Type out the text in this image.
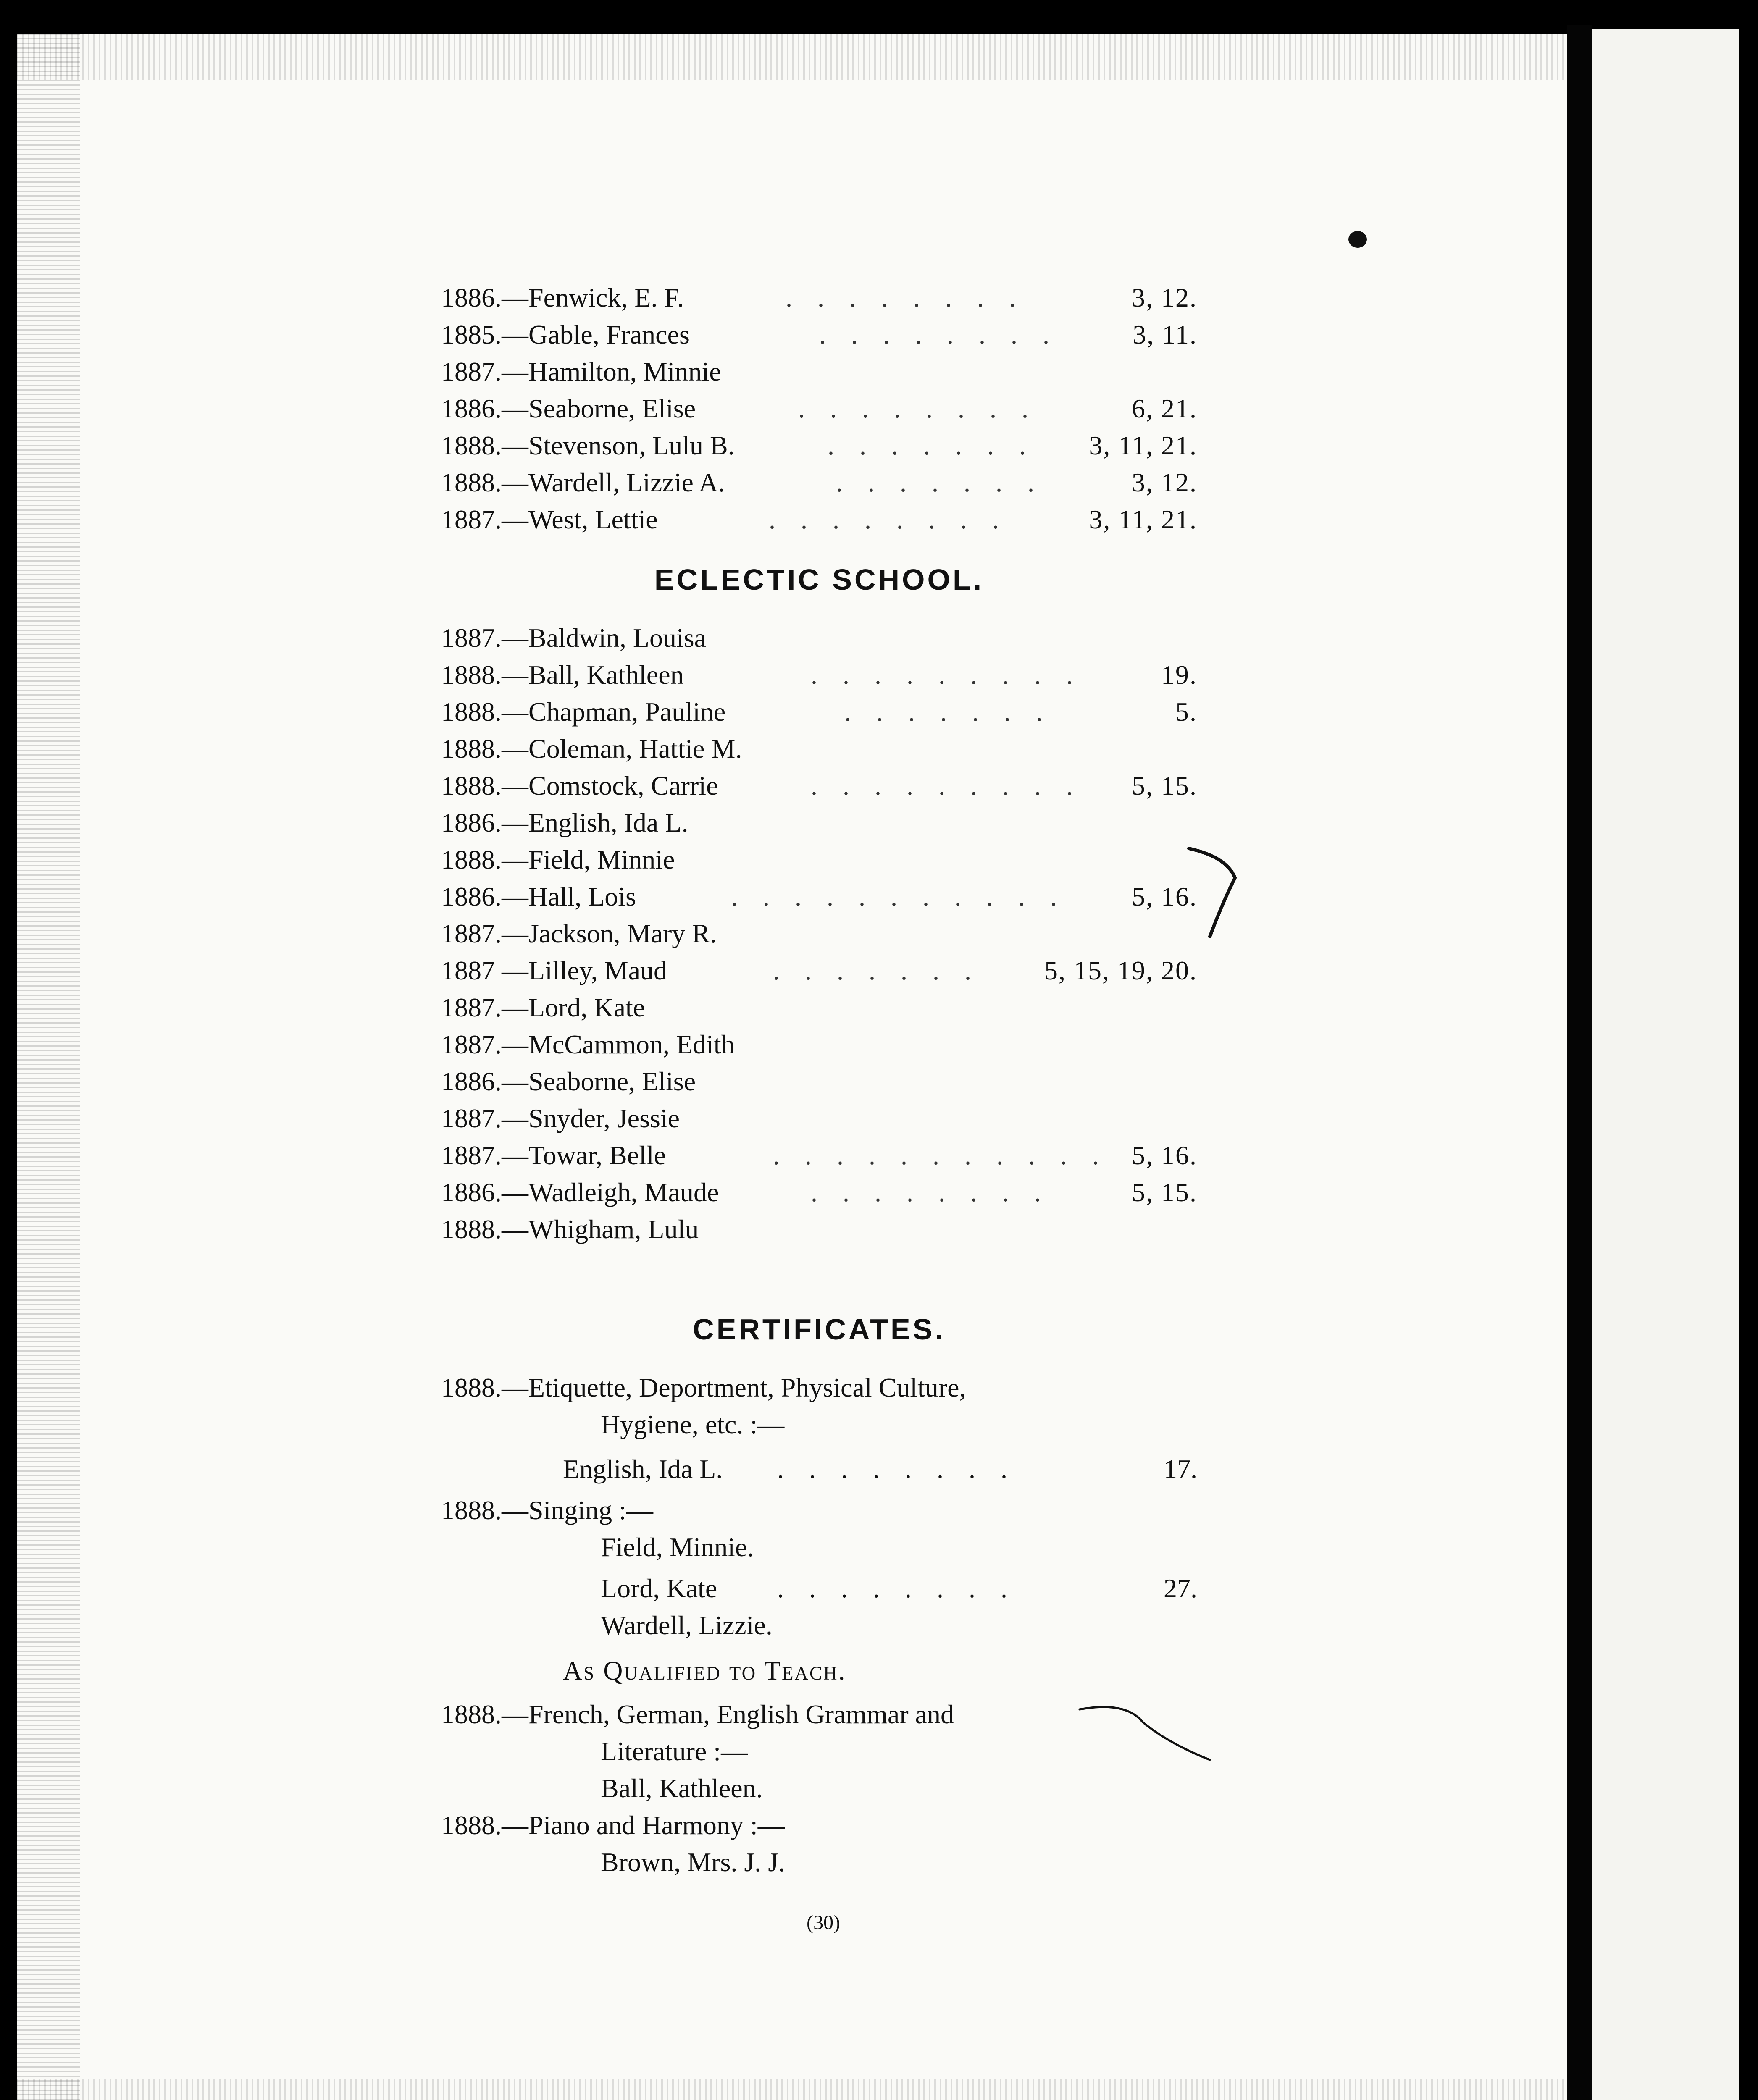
1886.—Fenwick, E. F.	. . . . . . . .	3, 12.
1885.—Gable, Frances	. . . . . . . .	3, 11.
1887.—Hamilton, Minnie
1886.—Seaborne, Elise	. . . . . . . .	6, 21.
1888.—Stevenson, Lulu B.	. . . . . . . 3, 11, 21.
1888.—Wardell, Lizzie A.	. . . . . . .	3, 12.
1887.—West, Lettie	. . . . . . . .	3, 11, 21.
ECLECTIC SCHOOL.
1887.—Baldwin, Louisa
1888.—Ball, Kathleen	. . . . . . . . .	19.
1888.—Chapman, Pauline	. . . . . . .	5.
1888.—Coleman, Hattie M.
1888.—Comstock, Carrie	. . . . . . . . . 5, 15.
1886.—English, Ida L.
1888.—Field, Minnie
1886.—Hall, Lois	. . . . . . . . . . . 5, 16.
1887.—Jackson, Mary R.
1887 —Lilley, Maud	. . . . . . . 5, 15, 19, 20.
1887.—Lord, Kate
1887.—McCammon, Edith
1886.—Seaborne, Elise
1887.—Snyder, Jessie
1887.—Towar, Belle	. . . . . . . . . . . 5, 16.
1886.—Wadleigh, Maude	. . . . . . . .	5, 15.
1888.—Whigham, Lulu
CERTIFICATES.
1888.—Etiquette, Deportment, Physical Culture,
Hygiene, etc. :—
English, Ida L. . . . . . . . .	17.
1888.—Singing :—
Field, Minnie.
Lord, Kate . . . . . . . .	27.
Wardell, Lizzie.
As Qualified to Teach.
1888.—French, German, English Grammar and
Literature :—
Ball, Kathleen.
1888.—Piano and Harmony :—
Brown, Mrs. J. J.
(30)
